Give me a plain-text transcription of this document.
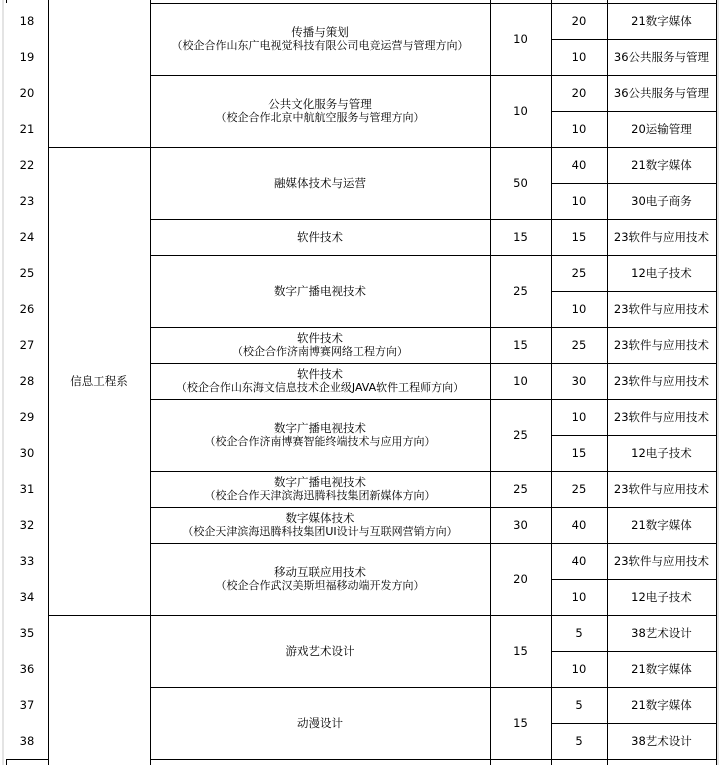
18
19
20
21
22
23
24
25
26
27
28
29
30
31
32
33
34
35
36
37
38
信息工程系
传播与策划
（校企合作山东广电视觉科技有限公司电竞运营与管理方向）
公共文化服务与管理
（校企合作北京中航航空服务与管理方向）
融媒体技术与运营
软件技术
数字广播电视技术
软件技术
（校企合作济南博赛网络工程方向）
软件技术
（校企合作山东海文信息技术企业级JAVA软件工程师方向）
数字广播电视技术
（校企合作济南博赛智能终端技术与应用方向）
数字广播电视技术
（校企合作天津滨海迅腾科技集团新媒体方向）
数字媒体技术
（校企天津滨海迅腾科技集团UI设计与互联网营销方向）
移动互联应用技术
（校企合作武汉美斯坦福移动端开发方向）
游戏艺术设计
动漫设计
10
10
50
15
25
15
10
25
25
30
20
15
15
20
10
20
10
40
10
15
25
10
25
30
10
15
25
40
40
10
5
10
5
5
21数字媒体
36公共服务与管理
36公共服务与管理
20运输管理
21数字媒体
30电子商务
23软件与应用技术
12电子技术
23软件与应用技术
23软件与应用技术
23软件与应用技术
23软件与应用技术
12电子技术
23软件与应用技术
21数字媒体
23软件与应用技术
12电子技术
38艺术设计
21数字媒体
21数字媒体
38艺术设计
